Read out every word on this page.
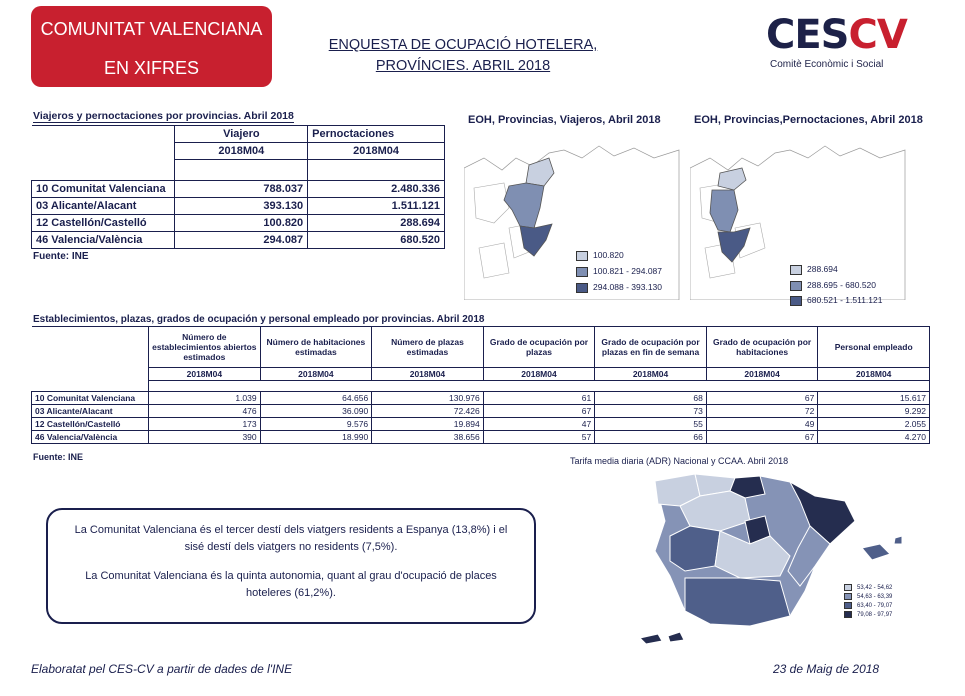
COMUNITAT VALENCIANA
EN XIFRES
ENQUESTA DE OCUPACIÓ HOTELERA,
PROVÍNCIES. ABRIL 2018
CESCV
Comitè Econòmic i Social
Viajeros y pernoctaciones por provincias. Abril 2018
	Viajero	Pernoctaciones
	2018M04	2018M04

10 Comunitat Valenciana	788.037	2.480.336
03 Alicante/Alacant	393.130	1.511.121
12 Castellón/Castelló	100.820	288.694
46 Valencia/València	294.087	680.520
Fuente: INE
EOH, Provincias, Viajeros, Abril 2018
100.820
100.821 - 294.087
294.088 - 393.130
EOH, Provincias,Pernoctaciones, Abril 2018
288.694
288.695 - 680.520
680.521 - 1.511.121
Establecimientos, plazas, grados de ocupación y personal empleado por provincias. Abril 2018
	Número de establecimientos abiertos estimados	Número de habitaciones estimadas	Número de plazas estimadas	Grado de ocupación por plazas	Grado de ocupación por plazas en fin de semana	Grado de ocupación por habitaciones	Personal empleado
	2018M04	2018M04	2018M04	2018M04	2018M04	2018M04	2018M04

10 Comunitat Valenciana	1.039	64.656	130.976	61	68	67	15.617
03 Alicante/Alacant	476	36.090	72.426	67	73	72	9.292
12 Castellón/Castelló	173	9.576	19.894	47	55	49	2.055
46 Valencia/València	390	18.990	38.656	57	66	67	4.270
Fuente: INE

La Comunitat Valenciana és el tercer destí dels viatgers residents a Espanya (13,8%) i el sisé destí dels viatgers no residents (7,5%).

La Comunitat Valenciana és la quinta autonomia, quant al grau d'ocupació de places hoteleres (61,2%).

Tarifa media diaria (ADR) Nacional y CCAA. Abril 2018
53,42 - 54,62
54,63 - 63,39
63,40 - 79,07
79,08 - 97,97
Elaboratat pel CES-CV a partir de dades de l'INE	23 de Maig de 2018
